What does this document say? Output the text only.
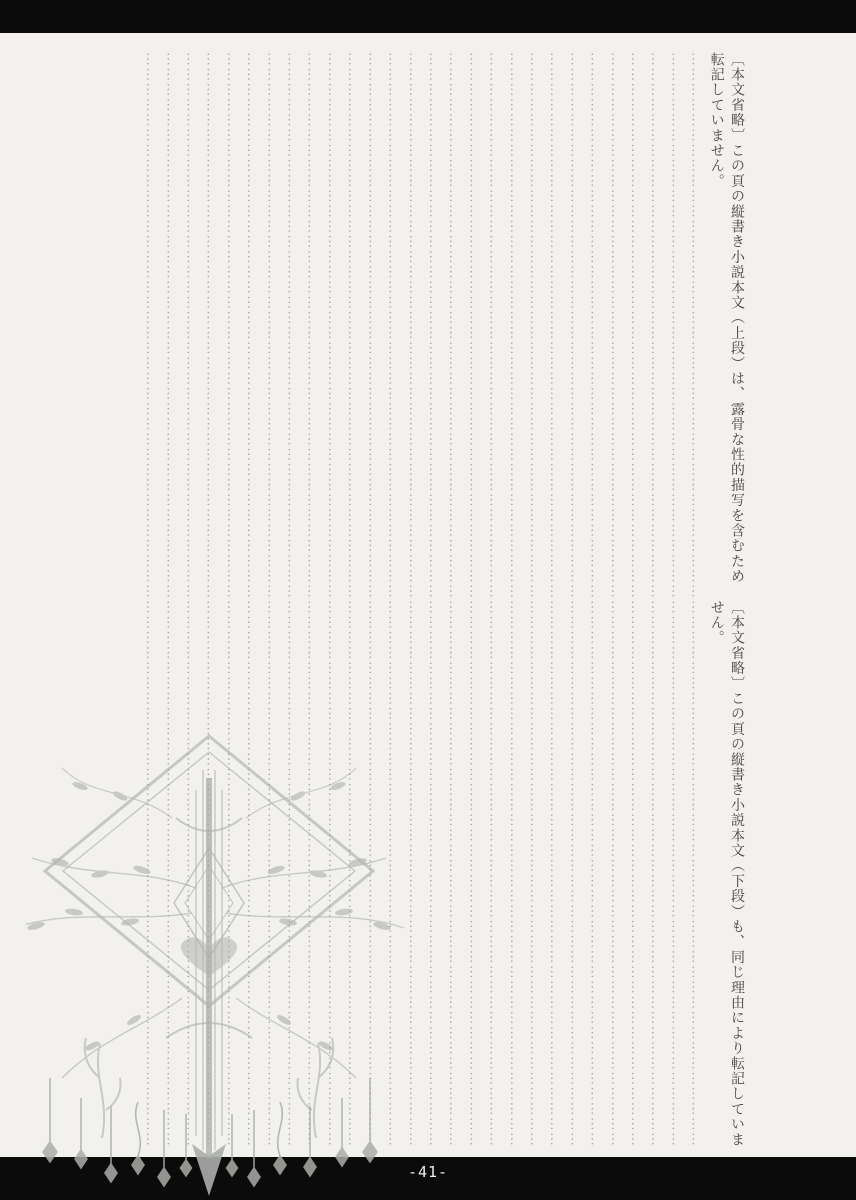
〔本文省略〕この頁の縦書き小説本文（上段）は、露骨な性的描写を含むため転記していません。

………………………………………………………………………………………………

………………………………………………………………………………………………

………………………………………………………………………………………………

………………………………………………………………………………………………

………………………………………………………………………………………………

………………………………………………………………………………………………

………………………………………………………………………………………………

………………………………………………………………………………………………

………………………………………………………………………………………………

………………………………………………………………………………………………

………………………………………………………………………………………………

………………………………………………………………………………………………

………………………………………………………………………………………………

………………………………………………………………………………………………

………………………………………………………………………………………………

………………………………………………………………………………………………

………………………………………………………………………………………………

………………………………………………………………………………………………

………………………………………………………………………………………………

………………………………………………………………………………………………

………………………………………………………………………………………………

………………………………………………………………………………………………

………………………………………………………………………………………………

………………………………………………………………………………………………

………………………………………………………………………………………………

………………………………………………………………………………………………

………………………………………………………………………………………………

………………………………………………………………………………………………

〔本文省略〕この頁の縦書き小説本文（下段）も、同じ理由により転記していません。

………………………………………………………………………………………………

………………………………………………………………………………………………

………………………………………………………………………………………………

………………………………………………………………………………………………

………………………………………………………………………………………………

………………………………………………………………………………………………

………………………………………………………………………………………………

………………………………………………………………………………………………

………………………………………………………………………………………………

………………………………………………………………………………………………

………………………………………………………………………………………………

………………………………………………………………………………………………

………………………………………………………………………………………………

………………………………………………………………………………………………

………………………………………………………………………………………………

………………………………………………………………………………………………

………………………………………………………………………………………………

………………………………………………………………………………………………

………………………………………………………………………………………………

………………………………………………………………………………………………

………………………………………………………………………………………………

………………………………………………………………………………………………

………………………………………………………………………………………………

………………………………………………………………………………………………

………………………………………………………………………………………………

………………………………………………………………………………………………

………………………………………………………………………………………………

………………………………………………………………………………………………

-41-
